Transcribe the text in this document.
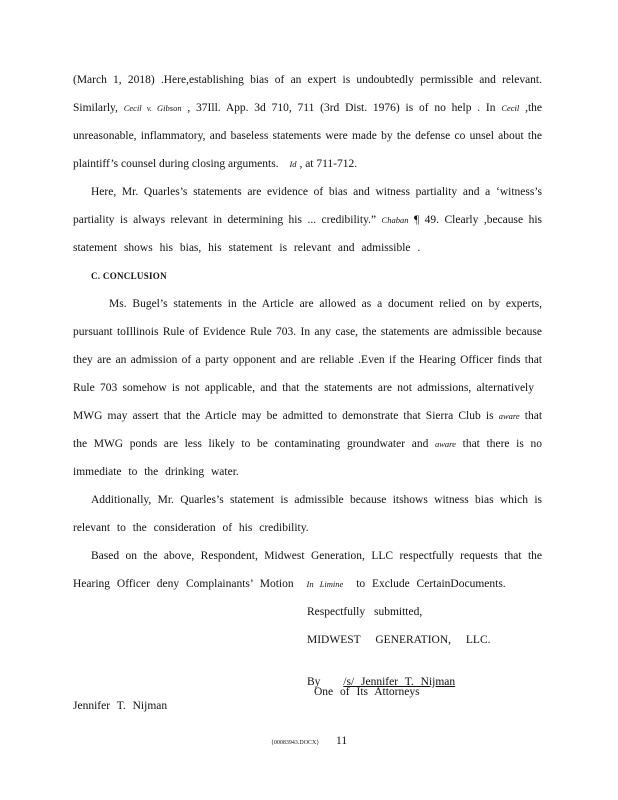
(March 1, 2018) .Here,establishing bias of an expert is undoubtedly permissible and relevant.
Similarly, Cecil v. Gibson , 37Ill. App. 3d 710, 711 (3rd Dist. 1976) is of no help . In Cecil ,the
unreasonable, inflammatory, and baseless statements were made by the defense co unsel about the
plaintiff’s counsel during closing arguments. Id , at 711-712.
Here, Mr. Quarles’s statements are evidence of bias and witness partiality and a ‘witness’s
partiality is always relevant in determining his ... credibility.” Chaban ¶ 49. Clearly ,because his
statement shows his bias, his statement is relevant and admissible .
C. CONCLUSION
Ms. Bugel’s statements in the Article are allowed as a document relied on by experts,
pursuant toIllinois Rule of Evidence Rule 703. In any case, the statements are admissible because
they are an admission of a party opponent and are reliable .Even if the Hearing Officer finds that
Rule 703 somehow is not applicable, and that the statements are not admissions, alternatively
MWG may assert that the Article may be admitted to demonstrate that Sierra Club is aware that
the MWG ponds are less likely to be contaminating groundwater and aware that there is no
immediate to the drinking water.
Additionally, Mr. Quarles’s statement is admissible because itshows witness bias which is
relevant to the consideration of his credibility.
Based on the above, Respondent, Midwest Generation, LLC respectfully requests that the
Hearing Officer deny Complainants’ Motion In Limine to Exclude CertainDocuments.
Respectfully submitted,
MIDWEST GENERATION, LLC.
By /s/ Jennifer T. Nijman
One of Its Attorneys
Jennifer T. Nijman
{00083943.DOCX} 11
